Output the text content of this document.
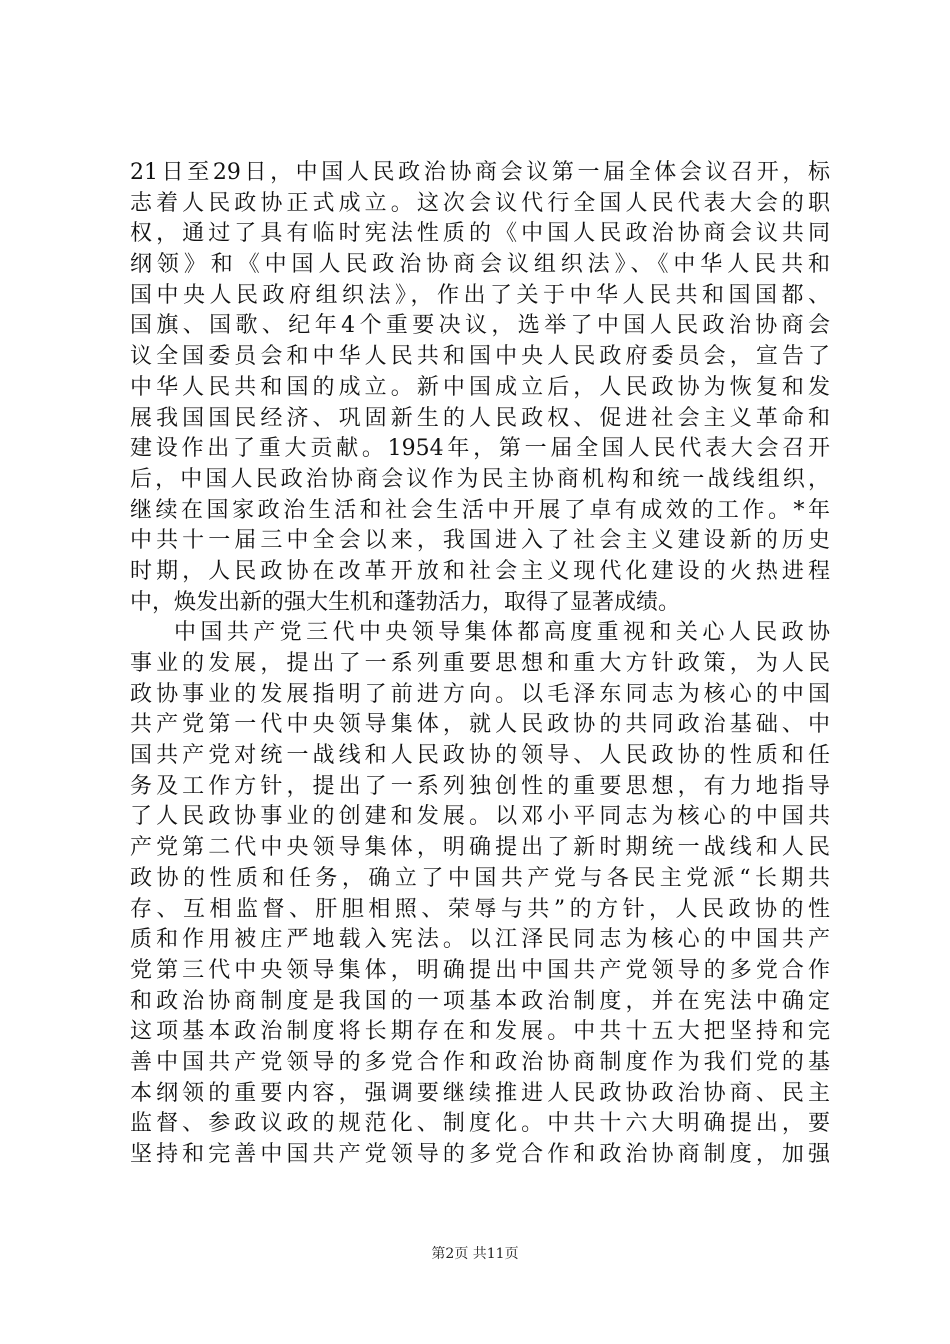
21日至29日，中国人民政治协商会议第一届全体会议召开，标
志着人民政协正式成立。这次会议代行全国人民代表大会的职
权，通过了具有临时宪法性质的《中国人民政治协商会议共同
纲领》和《中国人民政治协商会议组织法》、《中华人民共和
国中央人民政府组织法》，作出了关于中华人民共和国国都、
国旗、国歌、纪年4个重要决议，选举了中国人民政治协商会
议全国委员会和中华人民共和国中央人民政府委员会，宣告了
中华人民共和国的成立。新中国成立后，人民政协为恢复和发
展我国国民经济、巩固新生的人民政权、促进社会主义革命和
建设作出了重大贡献。1954年，第一届全国人民代表大会召开
后，中国人民政治协商会议作为民主协商机构和统一战线组织，
继续在国家政治生活和社会生活中开展了卓有成效的工作。*年
中共十一届三中全会以来，我国进入了社会主义建设新的历史
时期，人民政协在改革开放和社会主义现代化建设的火热进程
中，焕发出新的强大生机和蓬勃活力，取得了显著成绩。
中国共产党三代中央领导集体都高度重视和关心人民政协
事业的发展，提出了一系列重要思想和重大方针政策，为人民
政协事业的发展指明了前进方向。以毛泽东同志为核心的中国
共产党第一代中央领导集体，就人民政协的共同政治基础、中
国共产党对统一战线和人民政协的领导、人民政协的性质和任
务及工作方针，提出了一系列独创性的重要思想，有力地指导
了人民政协事业的创建和发展。以邓小平同志为核心的中国共
产党第二代中央领导集体，明确提出了新时期统一战线和人民
政协的性质和任务，确立了中国共产党与各民主党派“长期共
存、互相监督、肝胆相照、荣辱与共”的方针，人民政协的性
质和作用被庄严地载入宪法。以江泽民同志为核心的中国共产
党第三代中央领导集体，明确提出中国共产党领导的多党合作
和政治协商制度是我国的一项基本政治制度，并在宪法中确定
这项基本政治制度将长期存在和发展。中共十五大把坚持和完
善中国共产党领导的多党合作和政治协商制度作为我们党的基
本纲领的重要内容，强调要继续推进人民政协政治协商、民主
监督、参政议政的规范化、制度化。中共十六大明确提出，要
坚持和完善中国共产党领导的多党合作和政治协商制度，加强
第2页 共11页
